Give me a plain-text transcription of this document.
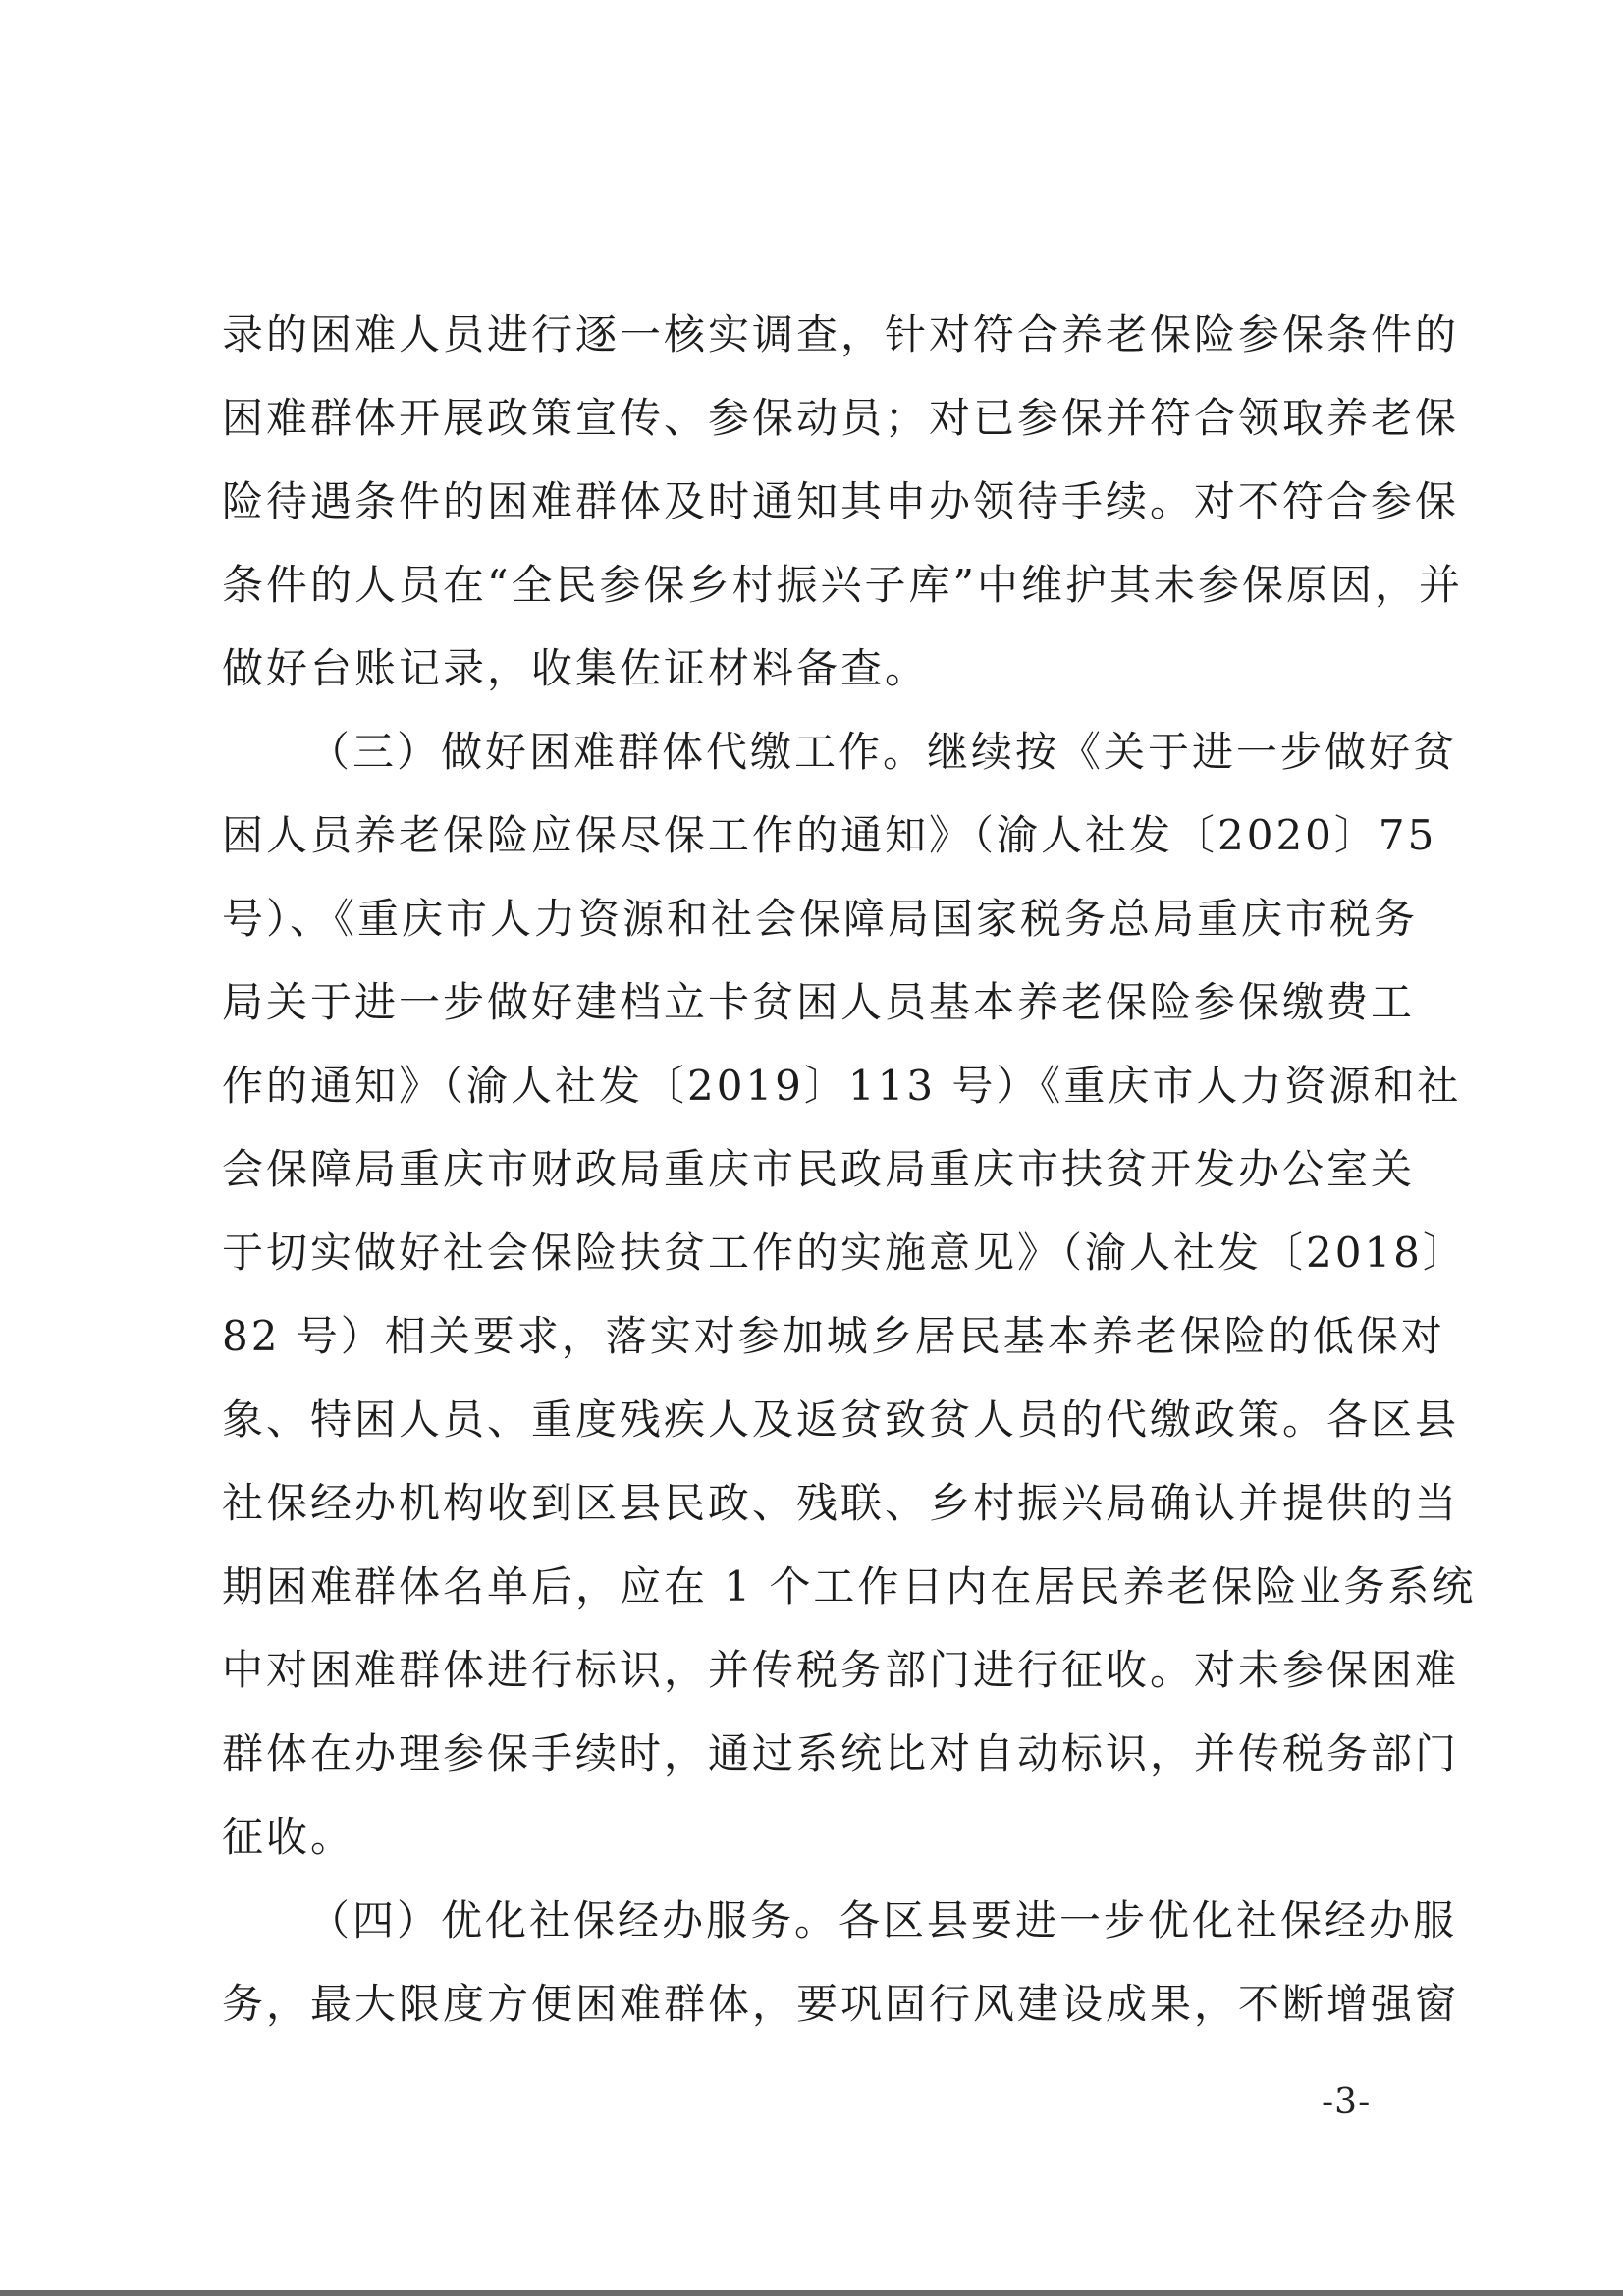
录的困难人员进行逐一核实调查，针对符合养老保险参保条件的
困难群体开展政策宣传、参保动员；对已参保并符合领取养老保
险待遇条件的困难群体及时通知其申办领待手续。对不符合参保
条件的人员在“全民参保乡村振兴子库”中维护其未参保原因，并
做好台账记录，收集佐证材料备查。
（三）做好困难群体代缴工作。继续按《关于进一步做好贫
困人员养老保险应保尽保工作的通知》（渝人社发〔2020〕75
号）、《重庆市人力资源和社会保障局国家税务总局重庆市税务
局关于进一步做好建档立卡贫困人员基本养老保险参保缴费工
作的通知》（渝人社发〔2019〕113 号）《重庆市人力资源和社
会保障局重庆市财政局重庆市民政局重庆市扶贫开发办公室关
于切实做好社会保险扶贫工作的实施意见》（渝人社发〔2018〕
82 号）相关要求，落实对参加城乡居民基本养老保险的低保对
象、特困人员、重度残疾人及返贫致贫人员的代缴政策。各区县
社保经办机构收到区县民政、残联、乡村振兴局确认并提供的当
期困难群体名单后，应在 1 个工作日内在居民养老保险业务系统
中对困难群体进行标识，并传税务部门进行征收。对未参保困难
群体在办理参保手续时，通过系统比对自动标识，并传税务部门
征收。
（四）优化社保经办服务。各区县要进一步优化社保经办服
务，最大限度方便困难群体，要巩固行风建设成果，不断增强窗
-3-
